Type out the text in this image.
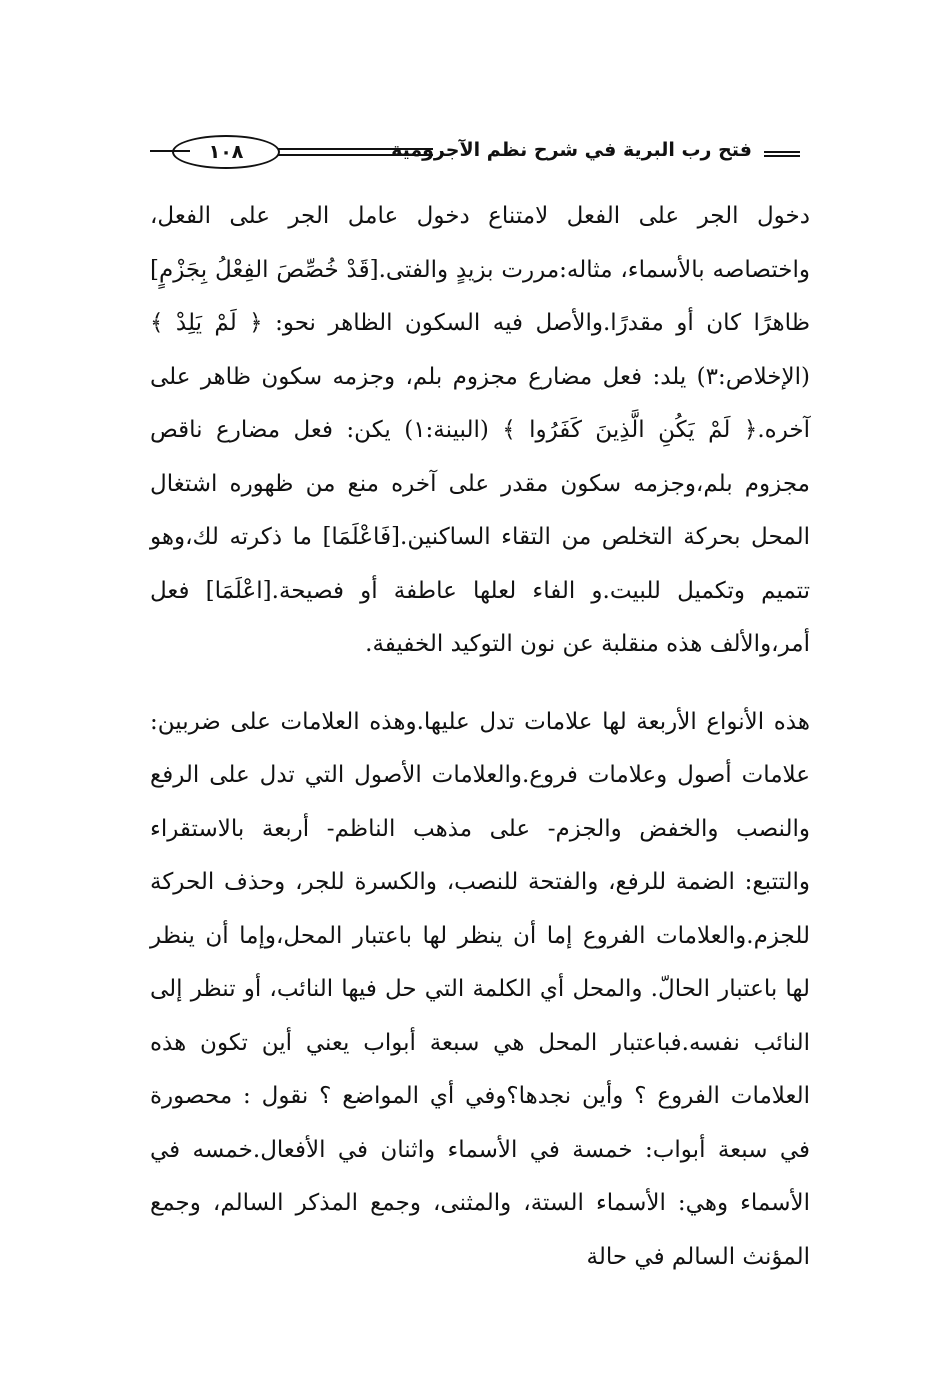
فتح رب البرية في شرح نظم الآجرومية
١٠٨

دخول الجر على الفعل لامتناع دخول عامل الجر على الفعل، واختصاصه بالأسماء، مثاله:مررت بزيدٍ والفتى.[قَدْ خُصِّصَ الفِعْلُ بِجَزْمٍ] ظاهرًا كان أو مقدرًا.والأصل فيه السكون الظاهر نحو: ﴿ لَمْ يَلِدْ ﴾ (الإخلاص:٣) يلد: فعل مضارع مجزوم بلم، وجزمه سكون ظاهر على آخره.﴿ لَمْ يَكُنِ الَّذِينَ كَفَرُوا ﴾ (البينة:١) يكن: فعل مضارع ناقص مجزوم بلم،وجزمه سكون مقدر على آخره منع من ظهوره اشتغال المحل بحركة التخلص من التقاء الساكنين.[فَاعْلَمَا] ما ذكرته لك،وهو تتميم وتكميل للبيت.و الفاء لعلها عاطفة أو فصيحة.[اعْلَمَا] فعل أمر،والألف هذه منقلبة عن نون التوكيد الخفيفة.

هذه الأنواع الأربعة لها علامات تدل عليها.وهذه العلامات على ضربين: علامات أصول وعلامات فروع.والعلامات الأصول التي تدل على الرفع والنصب والخفض والجزم- على مذهب الناظم- أربعة بالاستقراء والتتبع: الضمة للرفع، والفتحة للنصب، والكسرة للجر، وحذف الحركة للجزم.والعلامات الفروع إما أن ينظر لها باعتبار المحل،وإما أن ينظر لها باعتبار الحالّ. والمحل أي الكلمة التي حل فيها النائب، أو تنظر إلى النائب نفسه.فباعتبار المحل هي سبعة أبواب يعني أين تكون هذه العلامات الفروع ؟ وأين نجدها؟وفي أي المواضع ؟ نقول : محصورة في سبعة أبواب: خمسة في الأسماء واثنان في الأفعال.خمسه في الأسماء وهي: الأسماء الستة، والمثنى، وجمع المذكر السالم، وجمع المؤنث السالم في حالة
